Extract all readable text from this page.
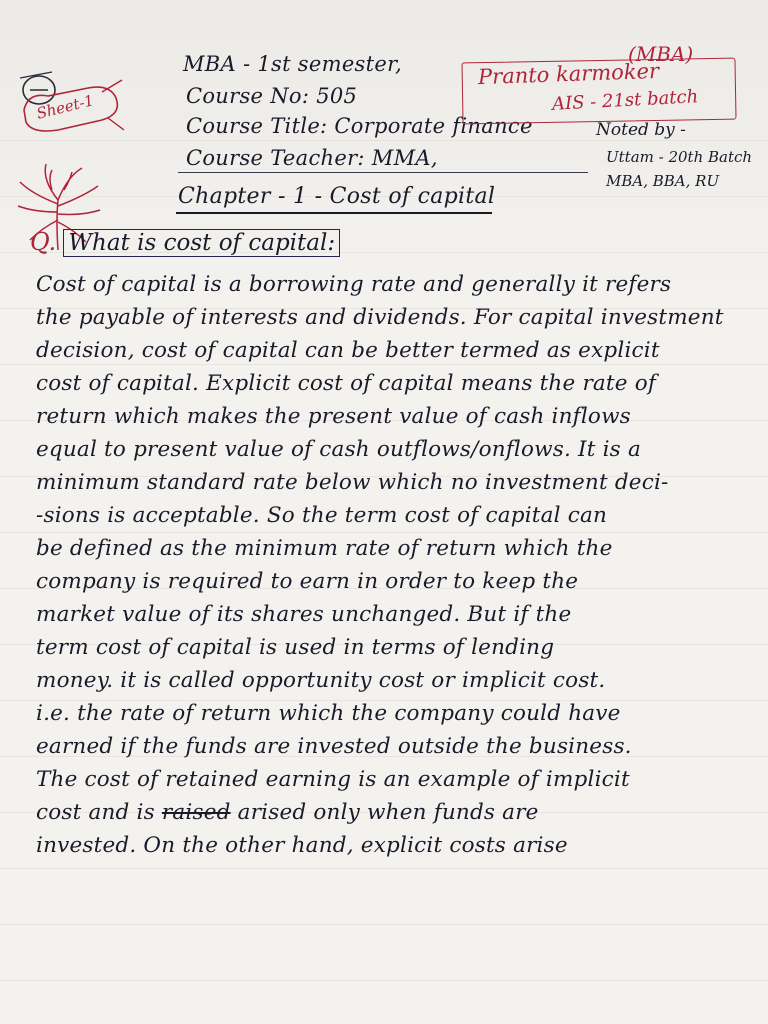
Sheet-1
MBA - 1st semester,
Course No: 505
Course Title: Corporate finance
Course Teacher: MMA,
(MBA)
Pranto karmoker
AIS - 21st batch
Noted by -
Uttam - 20th Batch
MBA, BBA, RU
Chapter - 1 - Cost of capital
Q. What is cost of capital:
Cost of capital is a borrowing rate and generally it refers
the payable of interests and dividends. For capital investment
decision, cost of capital can be better termed as explicit
cost of capital. Explicit cost of capital means the rate of
return which makes the present value of cash inflows
equal to present value of cash outflows/onflows. It is a
minimum standard rate below which no investment deci-
-sions is acceptable. So the term cost of capital can
be defined as the minimum rate of return which the
company is required to earn in order to keep the
market value of its shares unchanged. But if the
term cost of capital is used in terms of lending
money. it is called opportunity cost or implicit cost.
i.e. the rate of return which the company could have
earned if the funds are invested outside the business.
The cost of retained earning is an example of implicit
cost and is raised arised only when funds are
invested. On the other hand, explicit costs arise
